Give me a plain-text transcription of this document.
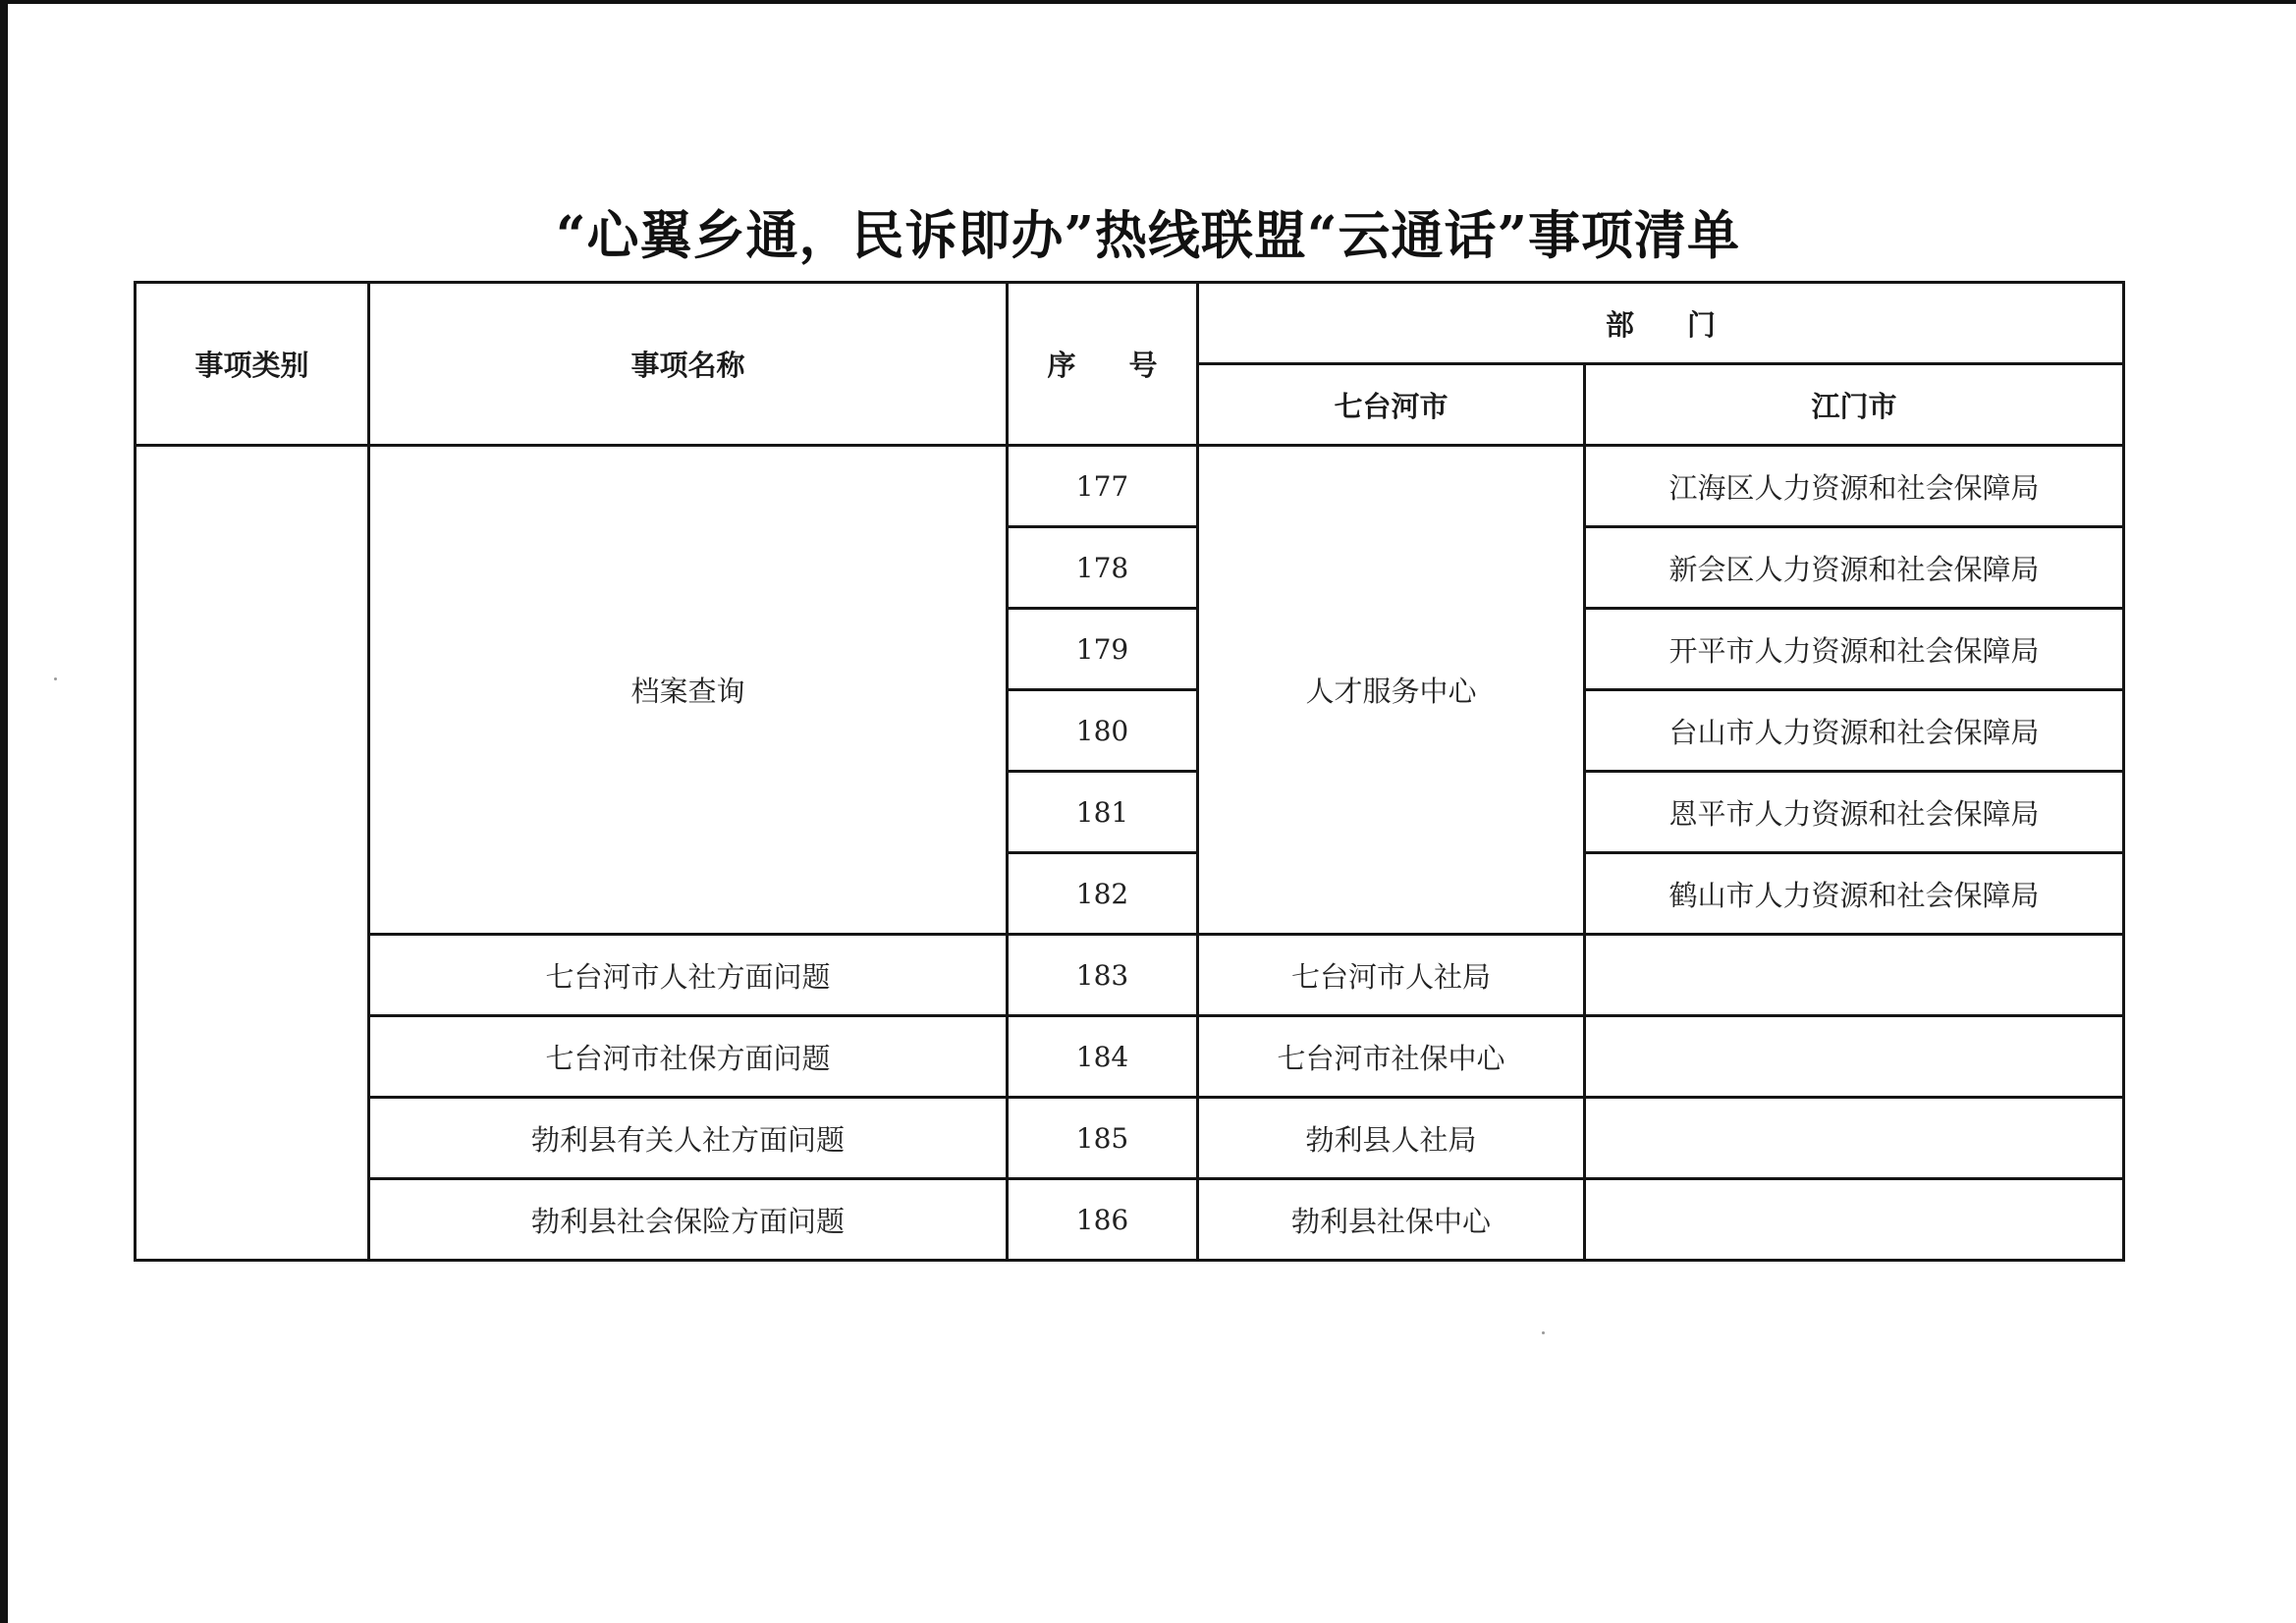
“心翼乡通，民诉即办”热线联盟“云通话”事项清单
事项类别	事项名称	序 号	部 门	
			七台河市	江门市
	档案查询	177	人才服务中心	江海区人力资源和社会保障局
		178		新会区人力资源和社会保障局
		179		开平市人力资源和社会保障局
		180		台山市人力资源和社会保障局
		181		恩平市人力资源和社会保障局
		182		鹤山市人力资源和社会保障局
	七台河市人社方面问题	183	七台河市人社局	
	七台河市社保方面问题	184	七台河市社保中心	
	勃利县有关人社方面问题	185	勃利县人社局	
	勃利县社会保险方面问题	186	勃利县社保中心	
